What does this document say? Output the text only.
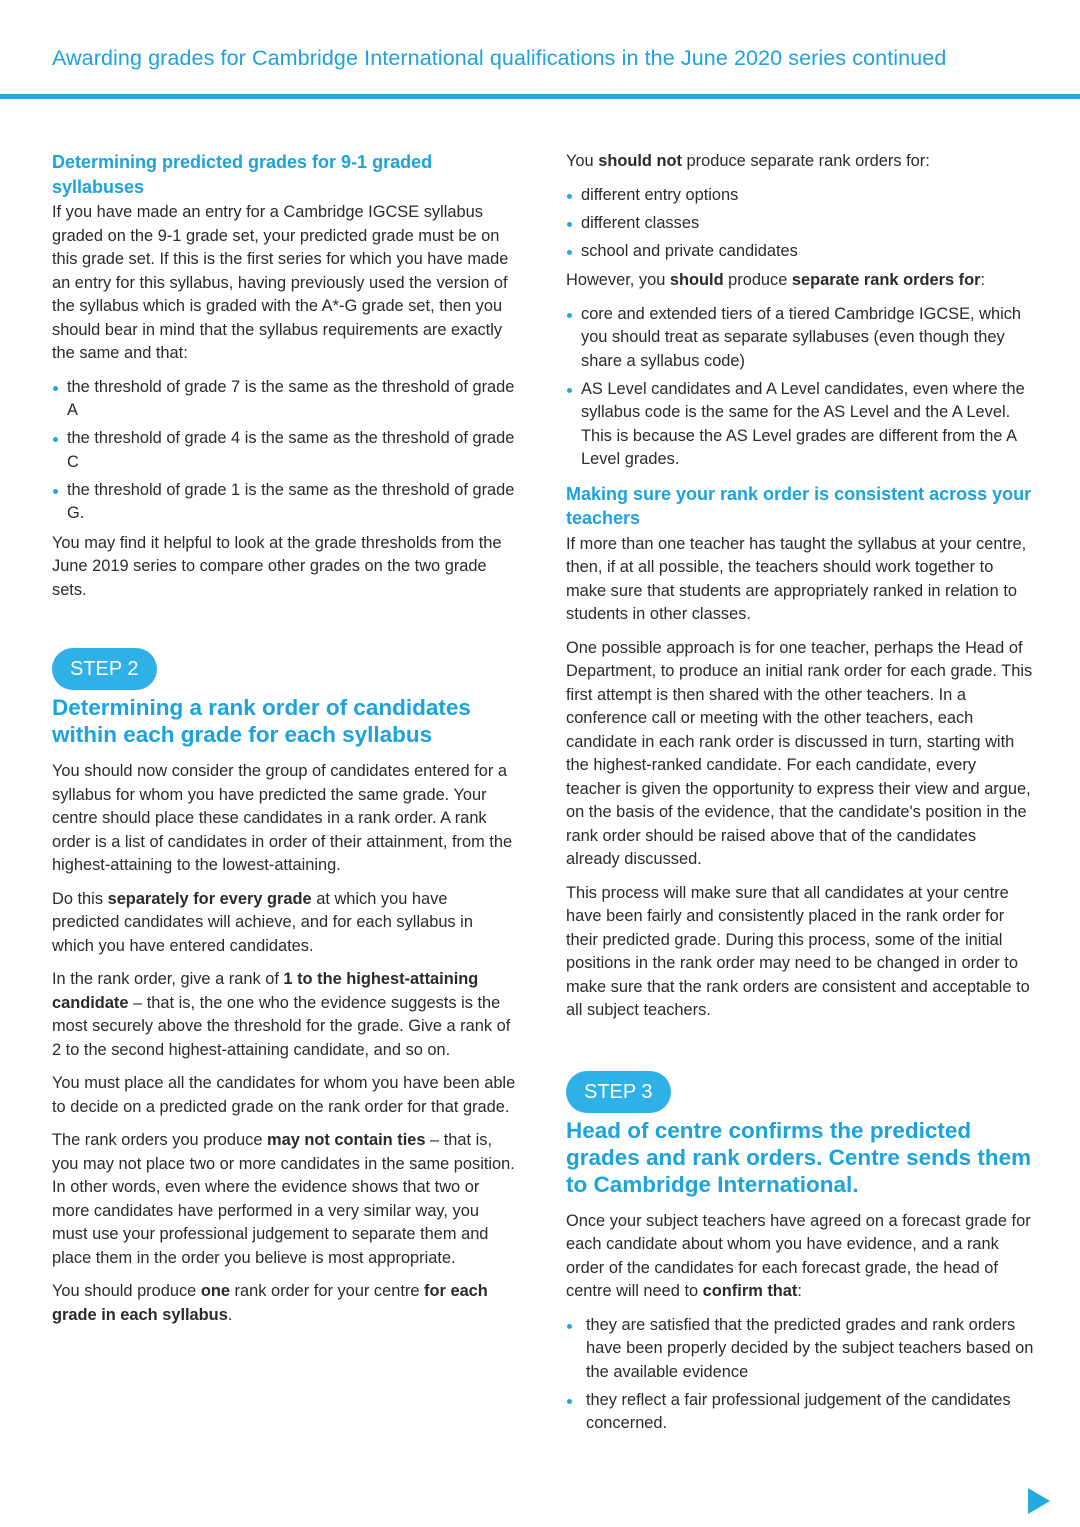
Awarding grades for Cambridge International qualifications in the June 2020 series continued
Determining predicted grades for 9-1 graded syllabuses

If you have made an entry for a Cambridge IGCSE syllabus graded on the 9-1 grade set, your predicted grade must be on this grade set. If this is the first series for which you have made an entry for this syllabus, having previously used the version of the syllabus which is graded with the A*-G grade set, then you should bear in mind that the syllabus requirements are exactly the same and that:

the threshold of grade 7 is the same as the threshold of grade A
the threshold of grade 4 is the same as the threshold of grade C
the threshold of grade 1 is the same as the threshold of grade G.

You may find it helpful to look at the grade thresholds from the June 2019 series to compare other grades on the two grade sets.

STEP 2
Determining a rank order of candidates within each grade for each syllabus

You should now consider the group of candidates entered for a syllabus for whom you have predicted the same grade. Your centre should place these candidates in a rank order. A rank order is a list of candidates in order of their attainment, from the highest-attaining to the lowest-attaining.

Do this separately for every grade at which you have predicted candidates will achieve, and for each syllabus in which you have entered candidates.

In the rank order, give a rank of 1 to the highest-attaining candidate – that is, the one who the evidence suggests is the most securely above the threshold for the grade. Give a rank of 2 to the second highest-attaining candidate, and so on.

You must place all the candidates for whom you have been able to decide on a predicted grade on the rank order for that grade.

The rank orders you produce may not contain ties – that is, you may not place two or more candidates in the same position. In other words, even where the evidence shows that two or more candidates have performed in a very similar way, you must use your professional judgement to separate them and place them in the order you believe is most appropriate.

You should produce one rank order for your centre for each grade in each syllabus.

You should not produce separate rank orders for:

different entry options
different classes
school and private candidates

However, you should produce separate rank orders for:

core and extended tiers of a tiered Cambridge IGCSE, which you should treat as separate syllabuses (even though they share a syllabus code)
AS Level candidates and A Level candidates, even where the syllabus code is the same for the AS Level and the A Level. This is because the AS Level grades are different from the A Level grades.
Making sure your rank order is consistent across your teachers

If more than one teacher has taught the syllabus at your centre, then, if at all possible, the teachers should work together to make sure that students are appropriately ranked in relation to students in other classes.

One possible approach is for one teacher, perhaps the Head of Department, to produce an initial rank order for each grade. This first attempt is then shared with the other teachers. In a conference call or meeting with the other teachers, each candidate in each rank order is discussed in turn, starting with the highest-ranked candidate. For each candidate, every teacher is given the opportunity to express their view and argue, on the basis of the evidence, that the candidate's position in the rank order should be raised above that of the candidates already discussed.

This process will make sure that all candidates at your centre have been fairly and consistently placed in the rank order for their predicted grade. During this process, some of the initial positions in the rank order may need to be changed in order to make sure that the rank orders are consistent and acceptable to all subject teachers.

STEP 3
Head of centre confirms the predicted grades and rank orders. Centre sends them to Cambridge International.

Once your subject teachers have agreed on a forecast grade for each candidate about whom you have evidence, and a rank order of the candidates for each forecast grade, the head of centre will need to confirm that:

they are satisfied that the predicted grades and rank orders have been properly decided by the subject teachers based on the available evidence
they reflect a fair professional judgement of the candidates concerned.
